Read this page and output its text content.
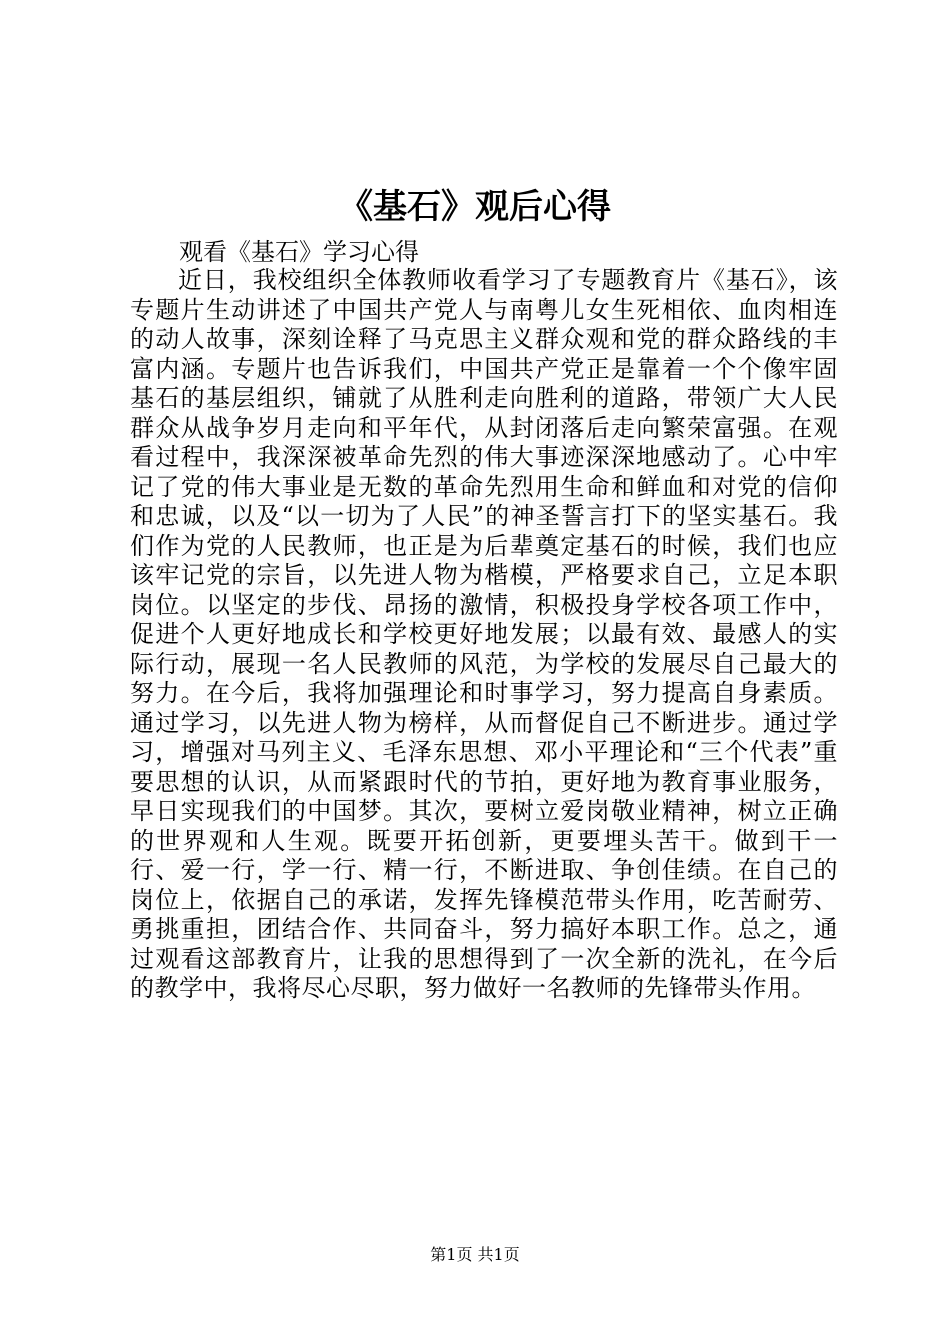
《基石》观后心得

观看《基石》学习心得

近日，我校组织全体教师收看学习了专题教育片《基石》，该专题片生动讲述了中国共产党人与南粤儿女生死相依、血肉相连的动人故事，深刻诠释了马克思主义群众观和党的群众路线的丰富内涵。专题片也告诉我们，中国共产党正是靠着一个个像牢固基石的基层组织，铺就了从胜利走向胜利的道路，带领广大人民群众从战争岁月走向和平年代，从封闭落后走向繁荣富强。在观看过程中，我深深被革命先烈的伟大事迹深深地感动了。心中牢记了党的伟大事业是无数的革命先烈用生命和鲜血和对党的信仰和忠诚，以及“以一切为了人民”的神圣誓言打下的坚实基石。我们作为党的人民教师，也正是为后辈奠定基石的时候，我们也应该牢记党的宗旨，以先进人物为楷模，严格要求自己，立足本职岗位。以坚定的步伐、昂扬的激情，积极投身学校各项工作中，促进个人更好地成长和学校更好地发展；以最有效、最感人的实际行动，展现一名人民教师的风范，为学校的发展尽自己最大的努力。在今后，我将加强理论和时事学习，努力提高自身素质。通过学习，以先进人物为榜样，从而督促自己不断进步。通过学习，增强对马列主义、毛泽东思想、邓小平理论和“三个代表”重要思想的认识，从而紧跟时代的节拍，更好地为教育事业服务，早日实现我们的中国梦。其次，要树立爱岗敬业精神，树立正确的世界观和人生观。既要开拓创新，更要埋头苦干。做到干一行、爱一行，学一行、精一行，不断进取、争创佳绩。在自己的岗位上，依据自己的承诺，发挥先锋模范带头作用，吃苦耐劳、勇挑重担，团结合作、共同奋斗，努力搞好本职工作。总之，通过观看这部教育片，让我的思想得到了一次全新的洗礼，在今后的教学中，我将尽心尽职，努力做好一名教师的先锋带头作用。

第1页 共1页
